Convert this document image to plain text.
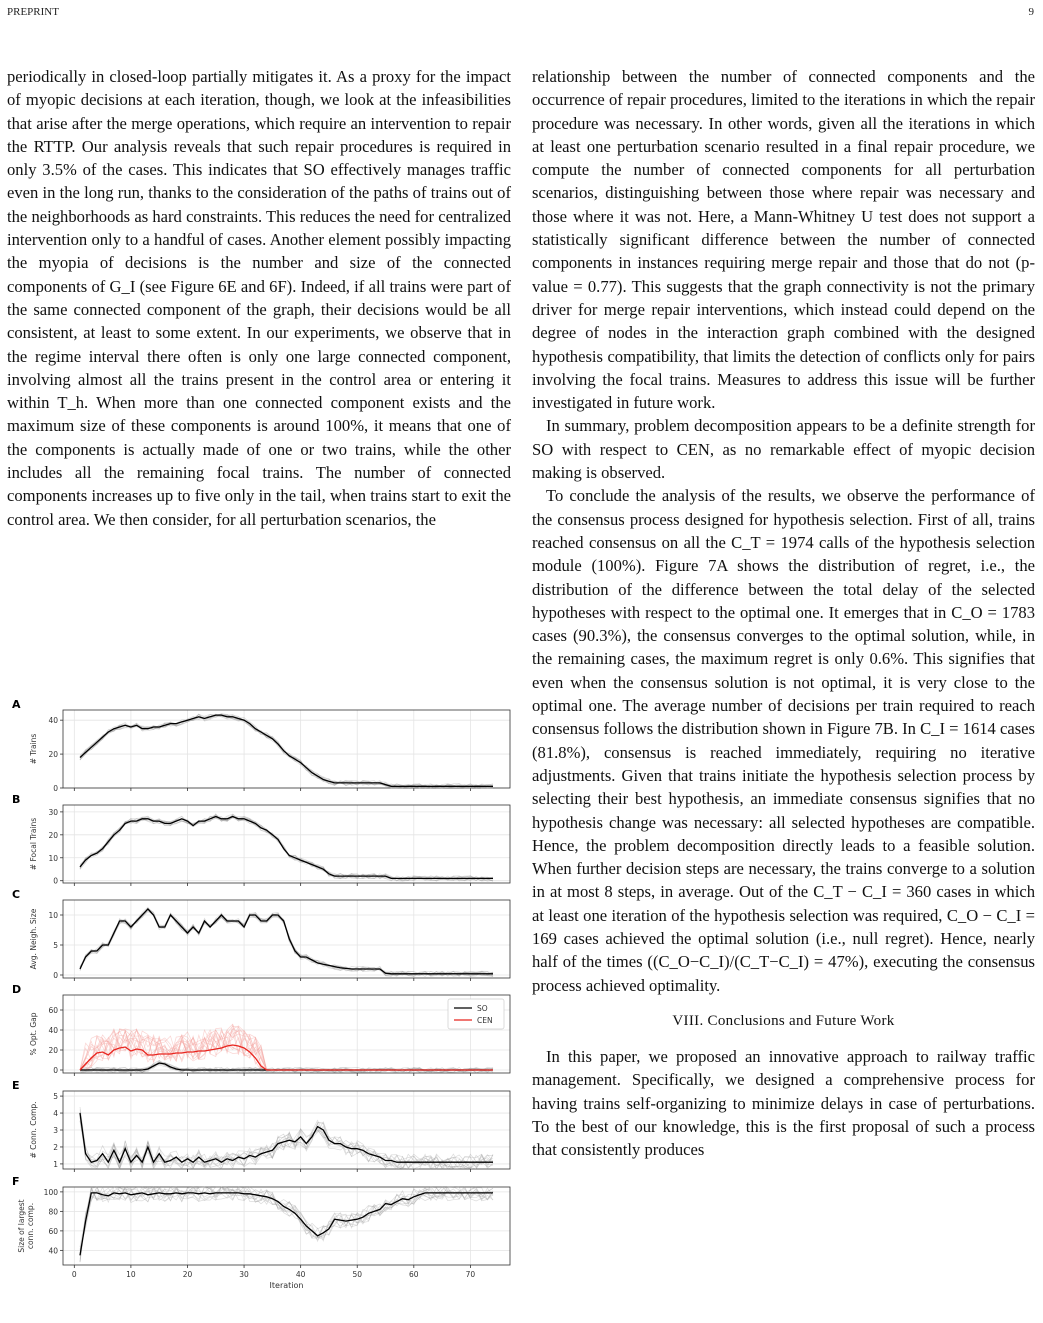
PREPRINT	9

periodically in closed-loop partially mitigates it. As a proxy for the impact of myopic decisions at each iteration, though, we look at the infeasibilities that arise after the merge operations, which require an intervention to repair the RTTP. Our analysis reveals that such repair procedures is required in only 3.5% of the cases. This indicates that SO effectively manages traffic even in the long run, thanks to the consideration of the paths of trains out of the neighborhoods as hard constraints. This reduces the need for centralized intervention only to a handful of cases. Another element possibly impacting the myopia of decisions is the number and size of the connected components of G_I (see Figure 6E and 6F). Indeed, if all trains were part of the same connected component of the graph, their decisions would be all consistent, at least to some extent. In our experiments, we observe that in the regime interval there often is only one large connected component, involving almost all the trains present in the control area or entering it within T_h. When more than one connected component exists and the maximum size of these components is around 100%, it means that one of the components is actually made of one or two trains, while the other includes all the remaining focal trains. The number of connected components increases up to five only in the tail, when trains start to exit the control area. We then consider, for all perturbation scenarios, the

relationship between the number of connected components and the occurrence of repair procedures, limited to the iterations in which the repair procedure was necessary. In other words, given all the iterations in which at least one perturbation scenario resulted in a final repair procedure, we compute the number of connected components for all perturbation scenarios, distinguishing between those where repair was necessary and those where it was not. Here, a Mann-Whitney U test does not support a statistically significant difference between the number of connected components in instances requiring merge repair and those that do not (p-value = 0.77). This suggests that the graph connectivity is not the primary driver for merge repair interventions, which instead could depend on the degree of nodes in the interaction graph combined with the designed hypothesis compatibility, that limits the detection of conflicts only for pairs involving the focal trains. Measures to address this issue will be further investigated in future work.

In summary, problem decomposition appears to be a definite strength for SO with respect to CEN, as no remarkable effect of myopic decision making is observed.

To conclude the analysis of the results, we observe the performance of the consensus process designed for hypothesis selection. First of all, trains reached consensus on all the C_T = 1974 calls of the hypothesis selection module (100%). Figure 7A shows the distribution of regret, i.e., the distribution of the difference between the total delay of the selected hypotheses with respect to the optimal one. It emerges that in C_O = 1783 cases (90.3%), the consensus converges to the optimal solution, while, in the remaining cases, the maximum regret is only 0.6%. This signifies that even when the consensus solution is not optimal, it is very close to the optimal one. The average number of decisions per train required to reach consensus follows the distribution shown in Figure 7B. In C_I = 1614 cases (81.8%), consensus is reached immediately, requiring no iterative adjustments. Given that trains initiate the hypothesis selection process by selecting their best hypothesis, an immediate consensus signifies that no hypothesis change was necessary: all selected hypotheses are compatible. Hence, the problem decomposition directly leads to a feasible solution. When further decision steps are necessary, the trains converge to a solution in at most 8 steps, in average. Out of the C_T − C_I = 360 cases in which at least one iteration of the hypothesis selection was required, C_O − C_I = 169 cases achieved the optimal solution (i.e., null regret). Hence, nearly half of the times ((C_O−C_I)/(C_T−C_I) = 47%), executing the consensus process achieved optimality.

VIII. Conclusions and Future Work

In this paper, we proposed an innovative approach to railway traffic management. Specifically, we designed a comprehensive process for having trains self-organizing to minimize delays in case of perturbations. To the best of our knowledge, this is the first proposal of such a process that consistently produces

A
0
20
40
# Trains
B
0
10
20
30
# Focal Trains
C
0
5
10
Avg. Neigh. Size
D
0
20
40
60
% Opt. Gap
SO
CEN
E
1
2
3
4
5
# Conn. Comp.
F
40
60
80
100
Size of largest conn. comp.
0	10	20	30	40	50	60	70
Iteration
